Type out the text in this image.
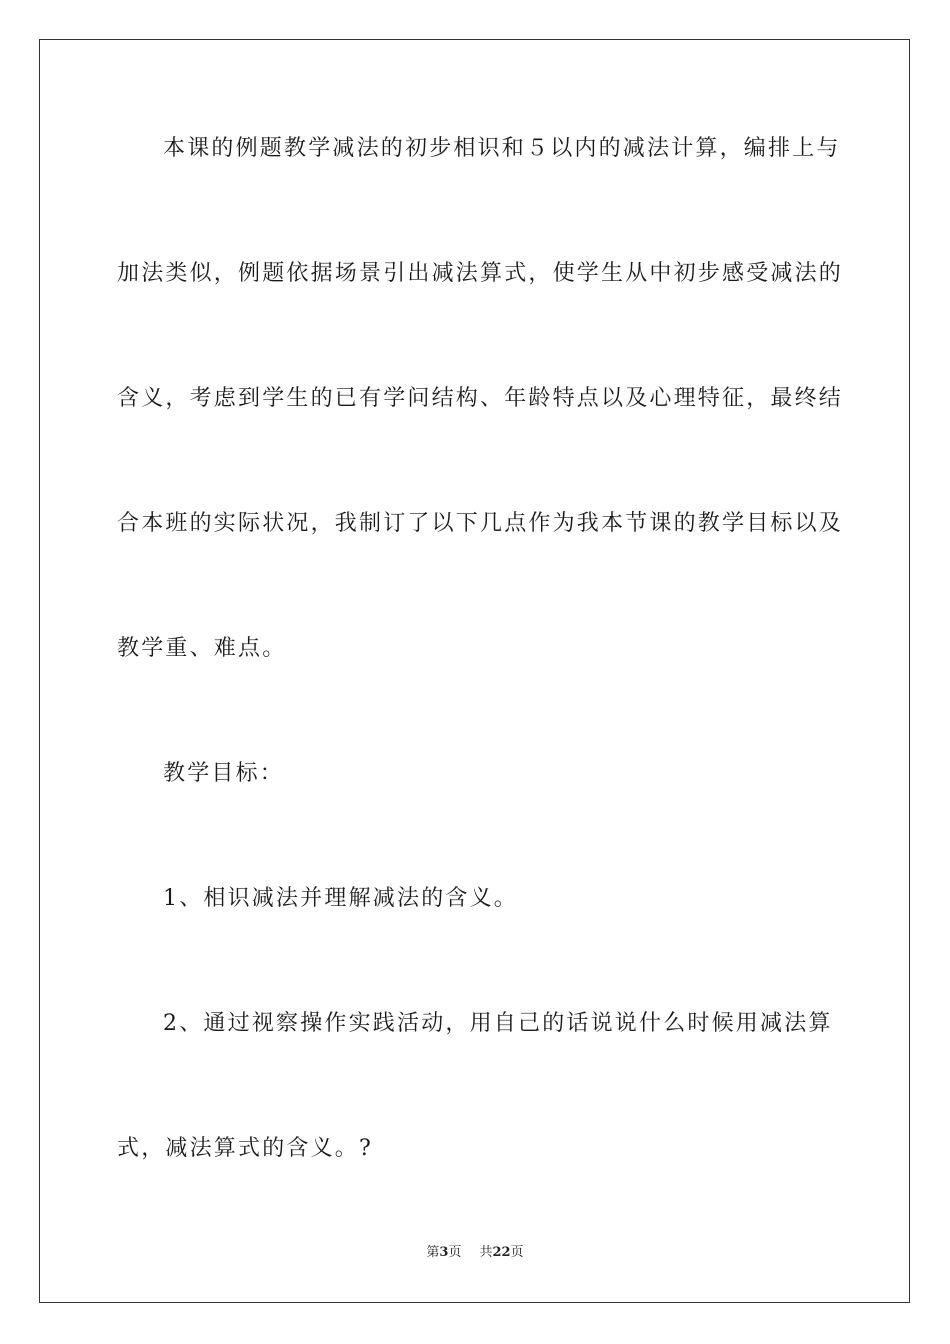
本课的例题教学减法的初步相识和５以内的减法计算，编排上与
加法类似，例题依据场景引出减法算式，使学生从中初步感受减法的
含义，考虑到学生的已有学问结构、年龄特点以及心理特征，最终结
合本班的实际状况，我制订了以下几点作为我本节课的教学目标以及
教学重、难点。
教学目标：
1、相识减法并理解减法的含义。
2、通过视察操作实践活动，用自己的话说说什么时候用减法算
式，减法算式的含义。?
第3页 共22页
